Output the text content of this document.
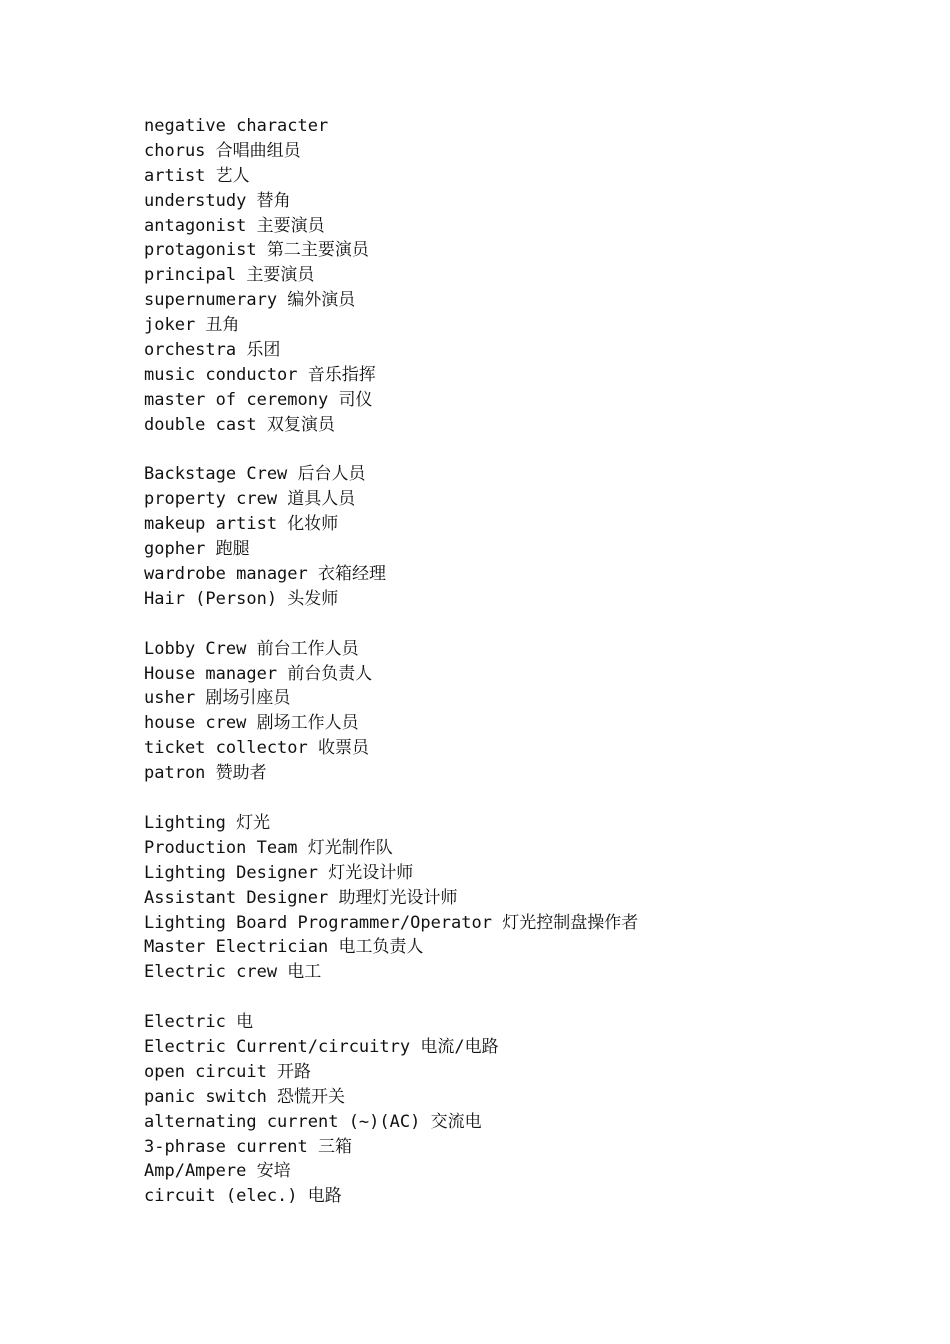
negative character
chorus 合唱曲组员
artist 艺人
understudy 替角
antagonist 主要演员
protagonist 第二主要演员
principal 主要演员
supernumerary 编外演员
joker 丑角
orchestra 乐团
music conductor 音乐指挥
master of ceremony 司仪
double cast 双复演员
Backstage Crew 后台人员
property crew 道具人员
makeup artist 化妆师
gopher 跑腿
wardrobe manager 衣箱经理
Hair (Person) 头发师
Lobby Crew 前台工作人员
House manager 前台负责人
usher 剧场引座员
house crew 剧场工作人员
ticket collector 收票员
patron 赞助者
Lighting 灯光
Production Team 灯光制作队
Lighting Designer 灯光设计师
Assistant Designer 助理灯光设计师
Lighting Board Programmer/Operator 灯光控制盘操作者
Master Electrician 电工负责人
Electric crew 电工
Electric 电
Electric Current/circuitry 电流/电路
open circuit 开路
panic switch 恐慌开关
alternating current (~)(AC) 交流电
3-phrase current 三箱
Amp/Ampere 安培
circuit (elec.) 电路
